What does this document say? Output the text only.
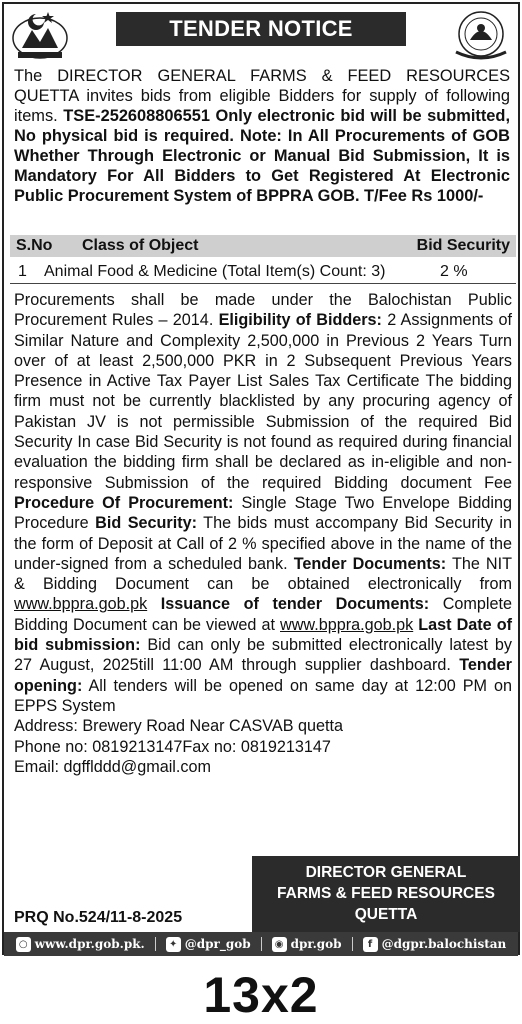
TENDER NOTICE

The DIRECTOR GENERAL FARMS & FEED RESOURCES QUETTA invites bids from eligible Bidders for supply of following items. TSE-252608806551 Only electronic bid will be submitted, No physical bid is required. Note: In All Procurements of GOB Whether Through Electronic or Manual Bid Submission, It is Mandatory For All Bidders to Get Registered At Electronic Public Procurement System of BPPRA GOB. T/Fee Rs 1000/-

S.No Class of Object	Bid Security
1 Animal Food & Medicine (Total Item(s) Count: 3)	2 %

Procurements shall be made under the Balochistan Public Procurement Rules – 2014. Eligibility of Bidders: 2 Assignments of Similar Nature and Complexity 2,500,000 in Previous 2 Years Turn over of at least 2,500,000 PKR in 2 Subsequent Previous Years Presence in Active Tax Payer List Sales Tax Certificate The bidding firm must not be currently blacklisted by any procuring agency of Pakistan JV is not permissible Submission of the required Bid Security In case Bid Security is not found as required during financial evaluation the bidding firm shall be declared as in-eligible and non-responsive Submission of the required Bidding document Fee Procedure Of Procurement: Single Stage Two Envelope Bidding Procedure Bid Security: The bids must accompany Bid Security in the form of Deposit at Call of 2 % specified above in the name of the under-signed from a scheduled bank. Tender Documents: The NIT & Bidding Document can be obtained electronically from www.bppra.gob.pk Issuance of tender Documents: Complete Bidding Document can be viewed at www.bppra.gob.pk Last Date of bid submission: Bid can only be submitted electronically latest by 27 August, 2025till 11:00 AM through supplier dashboard. Tender opening: All tenders will be opened on same day at 12:00 PM on EPPS System
Address: Brewery Road Near CASVAB quetta
Phone no: 0819213147Fax no: 0819213147
Email: dgfflddd@gmail.com

DIRECTOR GENERAL
FARMS & FEED RESOURCES
QUETTA
PRQ No.524/11-8-2025
○ www.dpr.gob.pk.	✦ @dpr_gob	◉ dpr.gob	f @dgpr.balochistan
13x2
